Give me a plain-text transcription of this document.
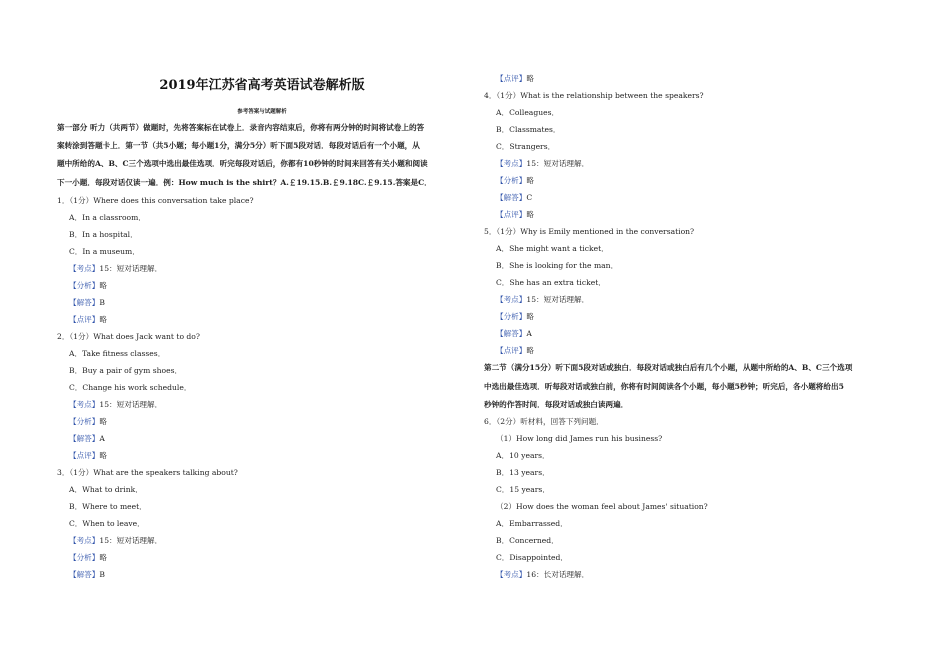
2019年江苏省高考英语试卷解析版
参考答案与试题解析
第一部分 听力（共两节）做题时，先将答案标在试卷上．录音内容结束后，你将有两分钟的时间将试卷上的答
案转涂到答题卡上．第一节（共5小题；每小题1分，满分5分）听下面5段对话．每段对话后有一个小题，从
题中所给的A、B、C三个选项中选出最佳选项．听完每段对话后，你都有10秒钟的时间来回答有关小题和阅读
下一小题．每段对话仅读一遍．例：How much is the shirt？A.￡19.15.B.￡9.18C.￡9.15.答案是C．
1．（1分）Where does this conversation take place?
A．In a classroom．
B．In a hospital．
C．In a museum．
【考点】15：短对话理解．
【分析】略
【解答】B
【点评】略
2．（1分）What does Jack want to do?
A．Take fitness classes．
B．Buy a pair of gym shoes．
C．Change his work schedule．
【考点】15：短对话理解．
【分析】略
【解答】A
【点评】略
3．（1分）What are the speakers talking about?
A．What to drink．
B．Where to meet．
C．When to leave．
【考点】15：短对话理解．
【分析】略
【解答】B
【点评】略
4．（1分）What is the relationship between the speakers?
A．Colleagues．
B．Classmates．
C．Strangers．
【考点】15：短对话理解．
【分析】略
【解答】C
【点评】略
5．（1分）Why is Emily mentioned in the conversation?
A．She might want a ticket．
B．She is looking for the man．
C．She has an extra ticket．
【考点】15：短对话理解．
【分析】略
【解答】A
【点评】略
第二节（满分15分）听下面5段对话或独白．每段对话或独白后有几个小题，从题中所给的A、B、C三个选项
中选出最佳选项．听每段对话或独白前，你将有时间阅读各个小题，每小题5秒钟；听完后，各小题将给出5
秒钟的作答时间．每段对话或独白读两遍．
6．（2分）听材料，回答下列问题．
（1）How long did James run his business?
A．10 years．
B．13 years．
C．15 years．
（2）How does the woman feel about James' situation?
A．Embarrassed．
B．Concerned．
C．Disappointed．
【考点】16：长对话理解．
